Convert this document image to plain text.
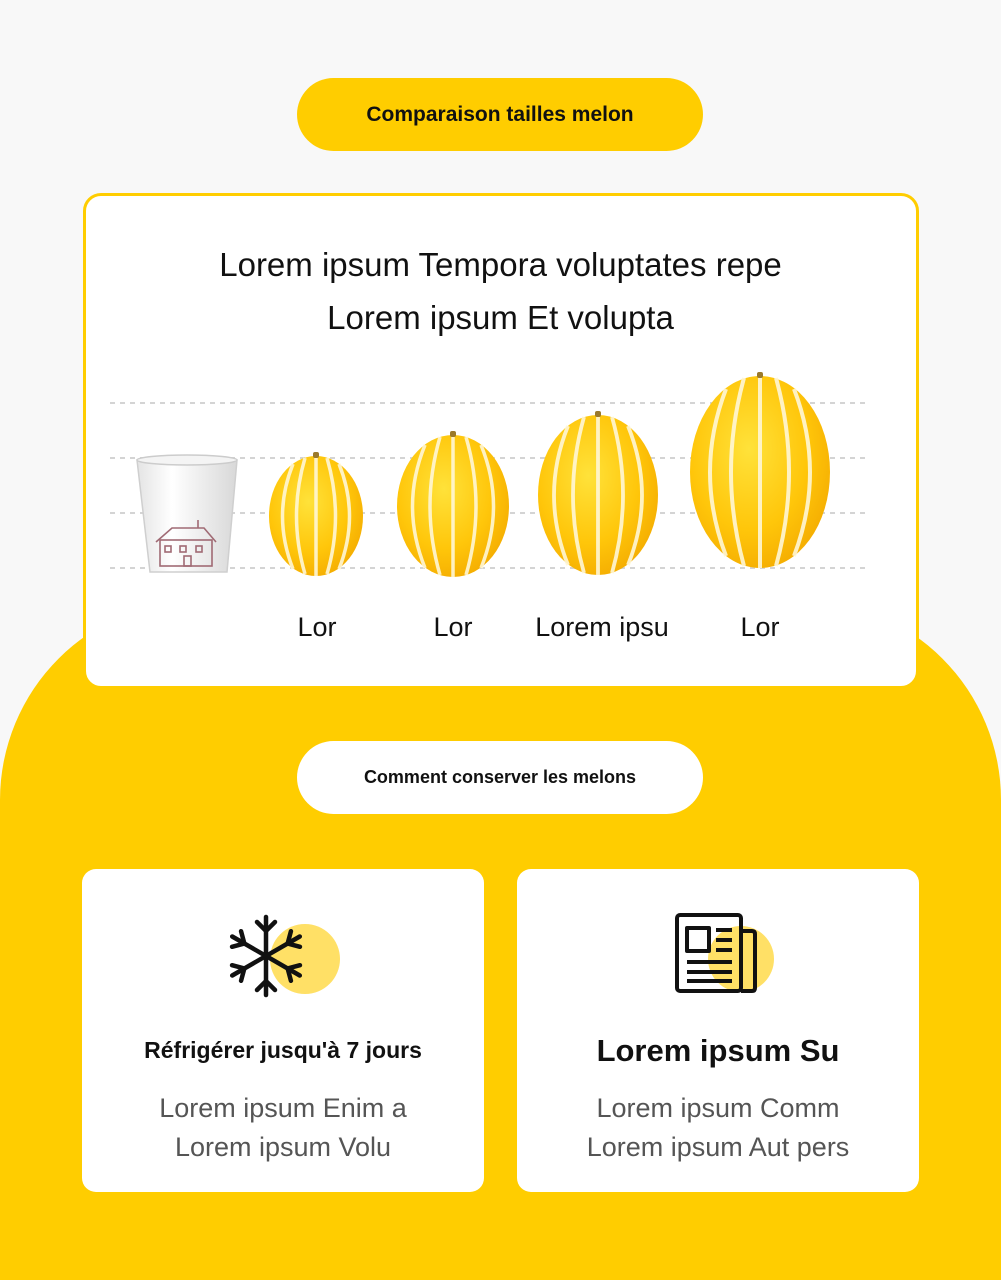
Comparaison tailles melon
Lorem ipsum Tempora voluptates repe
Lorem ipsum Et volupta
Lor	Lor Lorem ipsu	Lor
Comment conserver les melons
Réfrigérer jusqu'à 7 jours
Lorem ipsum Enim a
Lorem ipsum Volu
Lorem ipsum Su
Lorem ipsum Comm
Lorem ipsum Aut pers
